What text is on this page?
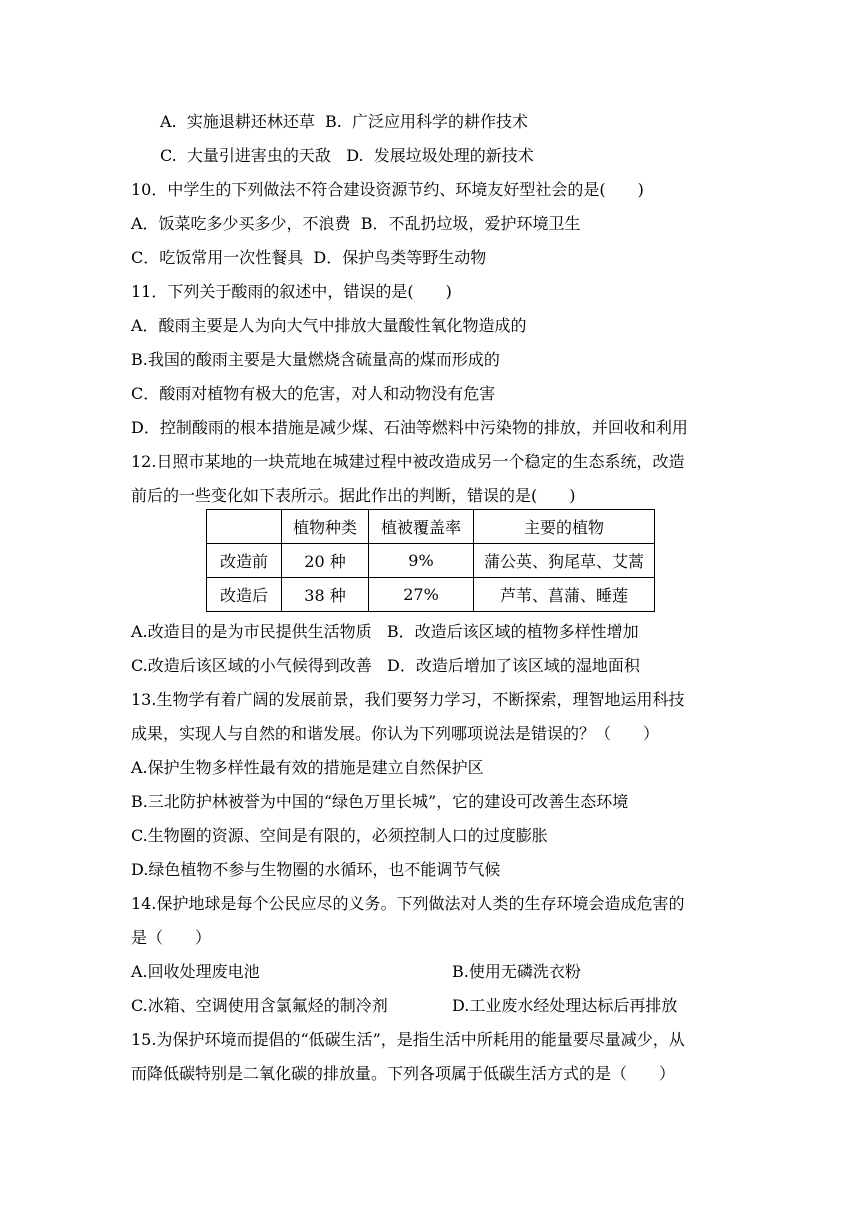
A.  实施退耕还林还草  B.  广泛应用科学的耕作技术
C.  大量引进害虫的天敌   D.  发展垃圾处理的新技术
10．中学生的下列做法不符合建设资源节约、环境友好型社会的是(　　)
A．饭菜吃多少买多少，不浪费  B．不乱扔垃圾，爱护环境卫生
C．吃饭常用一次性餐具  D．保护鸟类等野生动物
11．下列关于酸雨的叙述中，错误的是(　　)
A．酸雨主要是人为向大气中排放大量酸性氧化物造成的
B.我国的酸雨主要是大量燃烧含硫量高的煤而形成的
C．酸雨对植物有极大的危害，对人和动物没有危害
D．控制酸雨的根本措施是减少煤、石油等燃料中污染物的排放，并回收和利用
12.日照市某地的一块荒地在城建过程中被改造成另一个稳定的生态系统，改造
前后的一些变化如下表所示。据此作出的判断，错误的是(　　)
	植物种类	植被覆盖率	主要的植物
改造前	20 种	9%	蒲公英、狗尾草、艾蒿
改造后	38 种	27%	芦苇、菖蒲、睡莲
A.改造目的是为市民提供生活物质   B．改造后该区域的植物多样性增加
C.改造后该区域的小气候得到改善   D．改造后增加了该区域的湿地面积
13.生物学有着广阔的发展前景，我们要努力学习，不断探索，理智地运用科技
成果，实现人与自然的和谐发展。你认为下列哪项说法是错误的？（　　）
A.保护生物多样性最有效的措施是建立自然保护区
B.三北防护林被誉为中国的“绿色万里长城”，它的建设可改善生态环境
C.生物圈的资源、空间是有限的，必须控制人口的过度膨胀
D.绿色植物不参与生物圈的水循环，也不能调节气候
14.保护地球是每个公民应尽的义务。下列做法对人类的生存环境会造成危害的
是（　　）
A.回收处理废电池	B.使用无磷洗衣粉
C.冰箱、空调使用含氯氟烃的制冷剂	D.工业废水经处理达标后再排放
15.为保护环境而提倡的“低碳生活”，是指生活中所耗用的能量要尽量减少，从
而降低碳特别是二氧化碳的排放量。下列各项属于低碳生活方式的是（　　）
